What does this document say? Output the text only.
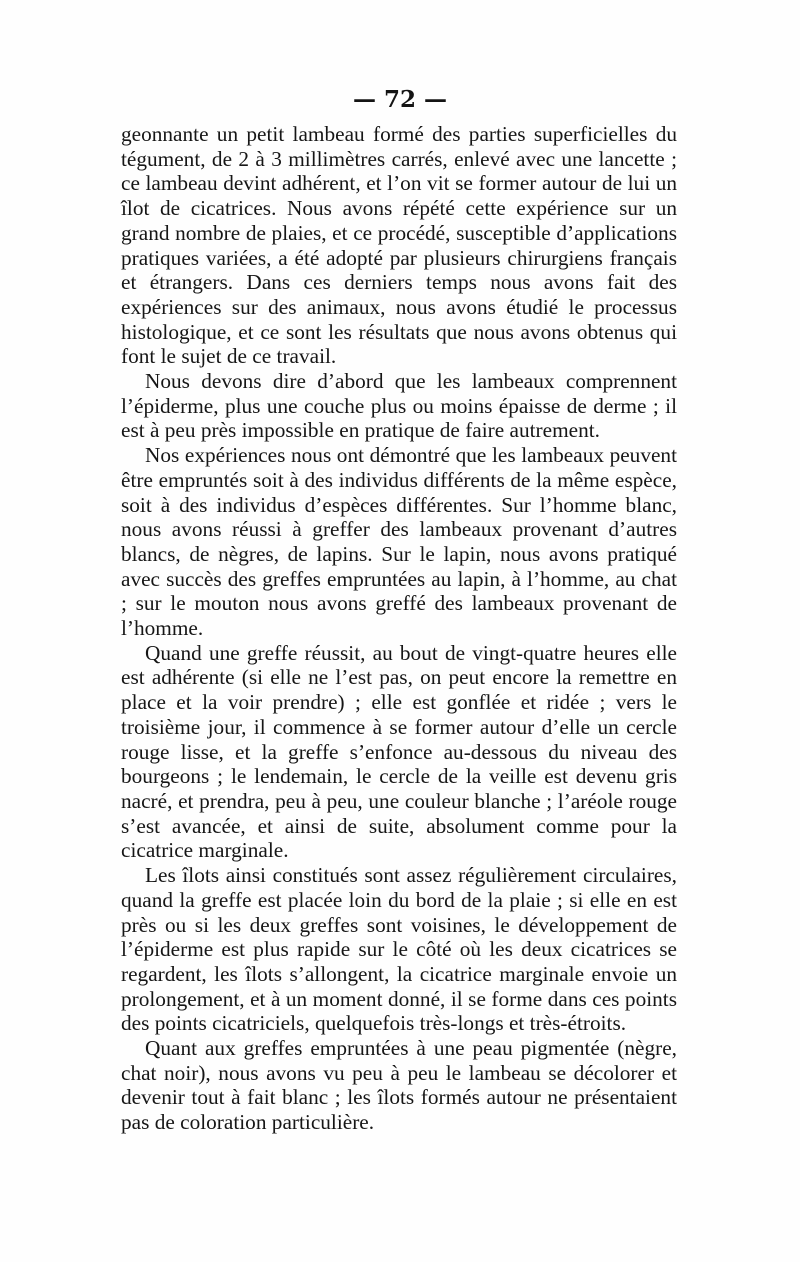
— 72 —

geonnante un petit lambeau formé des parties superficielles du tégument, de 2 à 3 millimètres carrés, enlevé avec une lancette ; ce lambeau devint adhérent, et l’on vit se former autour de lui un îlot de cicatrices. Nous avons répété cette expérience sur un grand nombre de plaies, et ce procédé, susceptible d’applications pratiques variées, a été adopté par plusieurs chirurgiens français et étrangers. Dans ces derniers temps nous avons fait des expériences sur des animaux, nous avons étudié le processus histologique, et ce sont les résultats que nous avons obtenus qui font le sujet de ce travail.

Nous devons dire d’abord que les lambeaux comprennent l’épiderme, plus une couche plus ou moins épaisse de derme ; il est à peu près impossible en pratique de faire autrement.

Nos expériences nous ont démontré que les lambeaux peuvent être empruntés soit à des individus différents de la même espèce, soit à des individus d’espèces différentes. Sur l’homme blanc, nous avons réussi à greffer des lambeaux provenant d’autres blancs, de nègres, de lapins. Sur le lapin, nous avons pratiqué avec succès des greffes empruntées au lapin, à l’homme, au chat ; sur le mouton nous avons greffé des lambeaux provenant de l’homme.

Quand une greffe réussit, au bout de vingt-quatre heures elle est adhérente (si elle ne l’est pas, on peut encore la remettre en place et la voir prendre) ; elle est gonflée et ridée ; vers le troisième jour, il commence à se former autour d’elle un cercle rouge lisse, et la greffe s’enfonce au-dessous du niveau des bourgeons ; le lendemain, le cercle de la veille est devenu gris nacré, et prendra, peu à peu, une couleur blanche ; l’aréole rouge s’est avancée, et ainsi de suite, absolument comme pour la cicatrice marginale.

Les îlots ainsi constitués sont assez régulièrement circulaires, quand la greffe est placée loin du bord de la plaie ; si elle en est près ou si les deux greffes sont voisines, le développement de l’épiderme est plus rapide sur le côté où les deux cicatrices se regardent, les îlots s’allongent, la cicatrice marginale envoie un prolongement, et à un moment donné, il se forme dans ces points des points cicatriciels, quelquefois très-longs et très-étroits.

Quant aux greffes empruntées à une peau pigmentée (nègre, chat noir), nous avons vu peu à peu le lambeau se décolorer et devenir tout à fait blanc ; les îlots formés autour ne présentaient pas de coloration particulière.
